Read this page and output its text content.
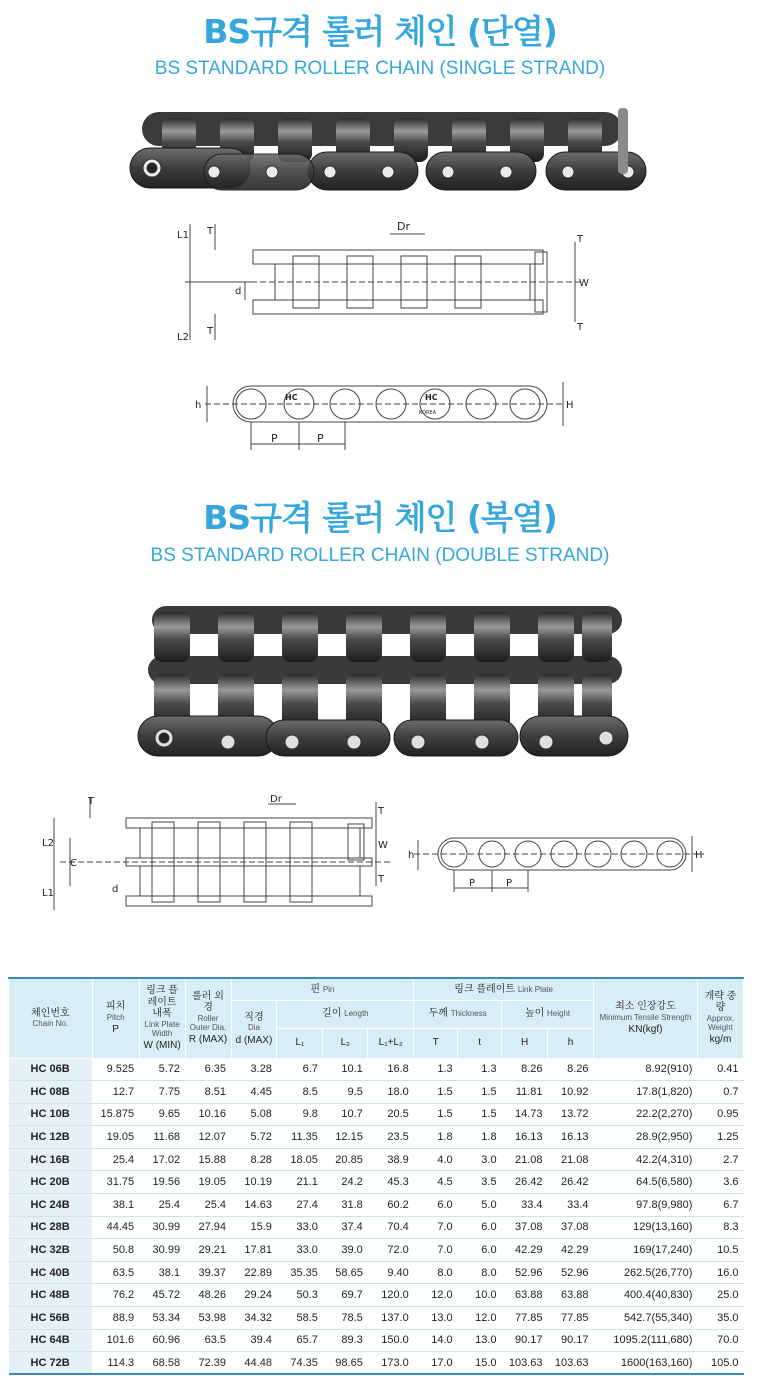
BS규격 롤러 체인 (단열)
BS STANDARD ROLLER CHAIN (SINGLE STRAND)
L1
L2
T
T
T
T
Dr
d
W
HC	HC
KOREA
h	H
P	P
BS규격 롤러 체인 (복열)
BS STANDARD ROLLER CHAIN (DOUBLE STRAND)
L2
L1
C
T
T
T
Dr
d
W
h	H
P	P
체인번호
Chain No.	피치
Pitch
P	링크 플레이트 내폭
Link Plate Width
W (MIN)	롤러 외경
Roller Outer Dia.
R (MAX)	핀 Pin				링크 플레이트 Link Plate				최소 인장강도
Minimum Tensile Strength
KN(kgf)	개략 중량
Approx. Weight
kg/m

				직경
Dia
d (MAX)	길이 Length			두께 Thickness		높이 Height			
					L₁	L₂	L₁+L₂	T	t	H	h		
HC 06B	9.525	5.72	6.35	3.28	6.7	10.1	16.8	1.3	1.3	8.26	8.26	8.92(910)	0.41
HC 08B	12.7	7.75	8.51	4.45	8.5	9.5	18.0	1.5	1.5	11.81	10.92	17.8(1,820)	0.7
HC 10B	15.875	9.65	10.16	5.08	9.8	10.7	20.5	1.5	1.5	14.73	13.72	22.2(2,270)	0.95
HC 12B	19.05	11.68	12.07	5.72	11.35	12.15	23.5	1.8	1.8	16.13	16.13	28.9(2,950)	1.25
HC 16B	25.4	17.02	15.88	8.28	18.05	20.85	38.9	4.0	3.0	21.08	21.08	42.2(4,310)	2.7
HC 20B	31.75	19.56	19.05	10.19	21.1	24.2	45.3	4.5	3.5	26.42	26.42	64.5(6,580)	3.6
HC 24B	38.1	25.4	25.4	14.63	27.4	31.8	60.2	6.0	5.0	33.4	33.4	97.8(9,980)	6.7
HC 28B	44.45	30.99	27.94	15.9	33.0	37.4	70.4	7.0	6.0	37.08	37.08	129(13,160)	8.3
HC 32B	50.8	30.99	29.21	17.81	33.0	39.0	72.0	7.0	6.0	42.29	42.29	169(17,240)	10.5
HC 40B	63.5	38.1	39.37	22.89	35.35	58.65	9.40	8.0	8.0	52.96	52.96	262.5(26,770)	16.0
HC 48B	76.2	45.72	48.26	29.24	50.3	69.7	120.0	12.0	10.0	63.88	63.88	400.4(40,830)	25.0
HC 56B	88.9	53.34	53.98	34.32	58.5	78.5	137.0	13.0	12.0	77.85	77.85	542.7(55,340)	35.0
HC 64B	101.6	60.96	63.5	39.4	65.7	89.3	150.0	14.0	13.0	90.17	90.17	1095.2(111,680)	70.0
HC 72B	114.3	68.58	72.39	44.48	74.35	98.65	173.0	17.0	15.0	103.63	103.63	1600(163,160)	105.0
